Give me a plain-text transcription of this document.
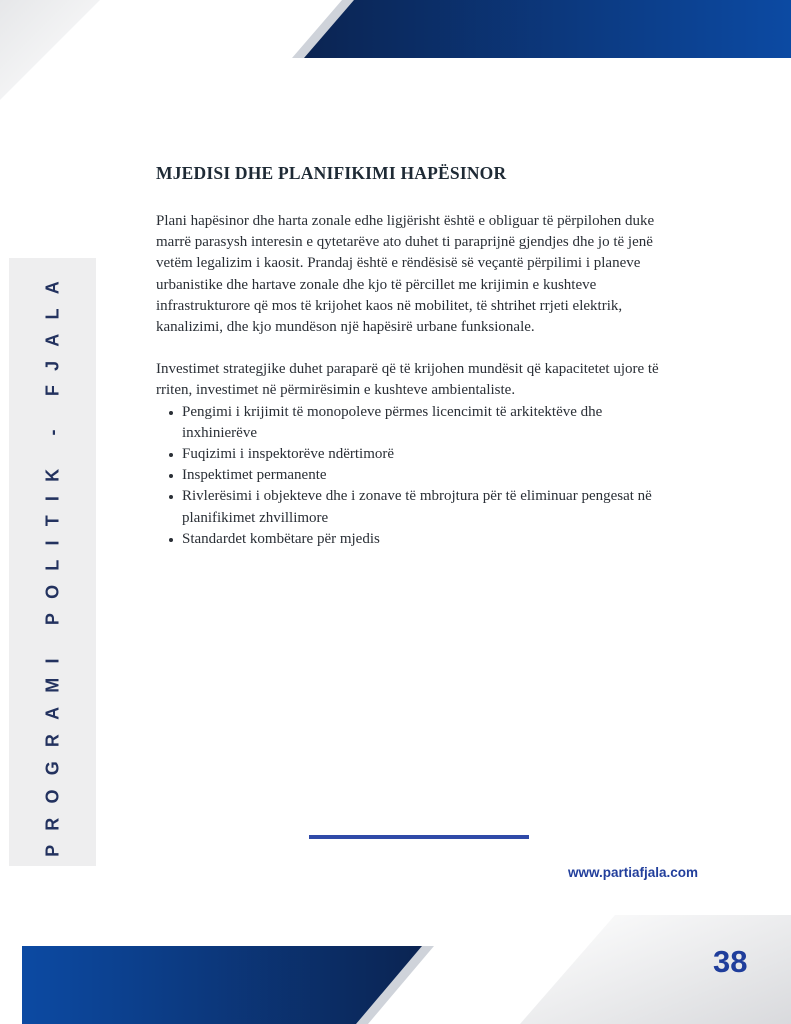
PROGRAMI POLITIK - FJALA
MJEDISI DHE PLANIFIKIMI HAPËSINOR

Plani hapësinor dhe harta zonale edhe ligjërisht është e obliguar të përpilohen duke marrë parasysh interesin e qytetarëve ato duhet ti paraprijnë gjendjes dhe jo të jenë vetëm legalizim i kaosit. Prandaj është e rëndësisë së veçantë përpilimi i planeve urbanistike dhe hartave zonale dhe kjo të përcillet me krijimin e kushteve infrastrukturore që mos të krijohet kaos në mobilitet, të shtrihet rrjeti elektrik, kanalizimi, dhe kjo mundëson një hapësirë urbane funksionale.

Investimet strategjike duhet paraparë që të krijohen mundësit që kapacitetet ujore të rriten, investimet në përmirësimin e kushteve ambientaliste.

Pengimi i krijimit të monopoleve përmes licencimit të arkitektëve dhe inxhinierëve
Fuqizimi i inspektorëve ndërtimorë
Inspektimet permanente
Rivlerësimi i objekteve dhe i zonave të mbrojtura për të eliminuar pengesat në planifikimet zhvillimore
Standardet kombëtare për mjedis
www.partiafjala.com
38
